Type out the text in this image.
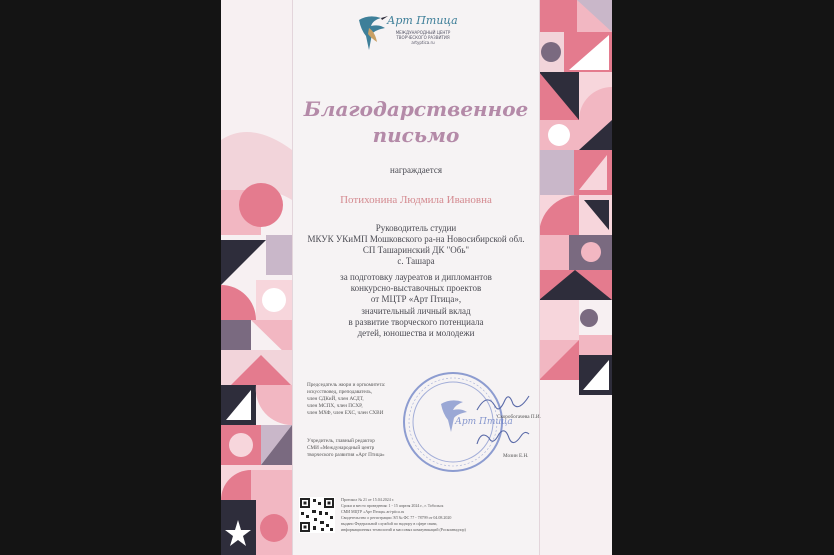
Арт Птица
МЕЖДУНАРОДНЫЙ ЦЕНТР
ТВОРЧЕСКОГО РАЗВИТИЯ
artyptica.ru
Благодарственное
письмо
награждается
Потихонина Людмила Ивановна
Руководитель студии
МКУК УКиМП Мошковского ра-на Новосибирской обл.
СП Ташаринский ДК "Обь"
с. Ташара
за подготовку лауреатов и дипломантов
конкурсно-выставочных проектов
от МЦТР «Арт Птица»,
значительный личный вклад
в развитие творческого потенциала
детей, юношества и молодежи
Арт Птица
Председатель жюри и оргкомитета:
искусствовед, преподаватель,
член СДКиЙ, член АСДТ,
член МСПХ, член ПСХР,
член МХФ, член ЕХС, член СХВИ
Скоробогачева П.И.
Учредитель, главный редактор
СМИ «Международный центр
творческого развития «Арт Птица»	Мозин Е.Н.
Протокол № 21 от 15.04.2024 г.
Сроки и место проведения: 1 - 15 апреля 2024 г., г. Тобольск
СМИ МЦТР «Арт Птица» art-ptica.ru
Свидетельство о регистрации ЭЛ № ФС 77 - 78799 от 04.08.2020
выдано Федеральной службой по надзору в сфере связи,
информационных технологий и массовых коммуникаций (Роскомнадзор)
